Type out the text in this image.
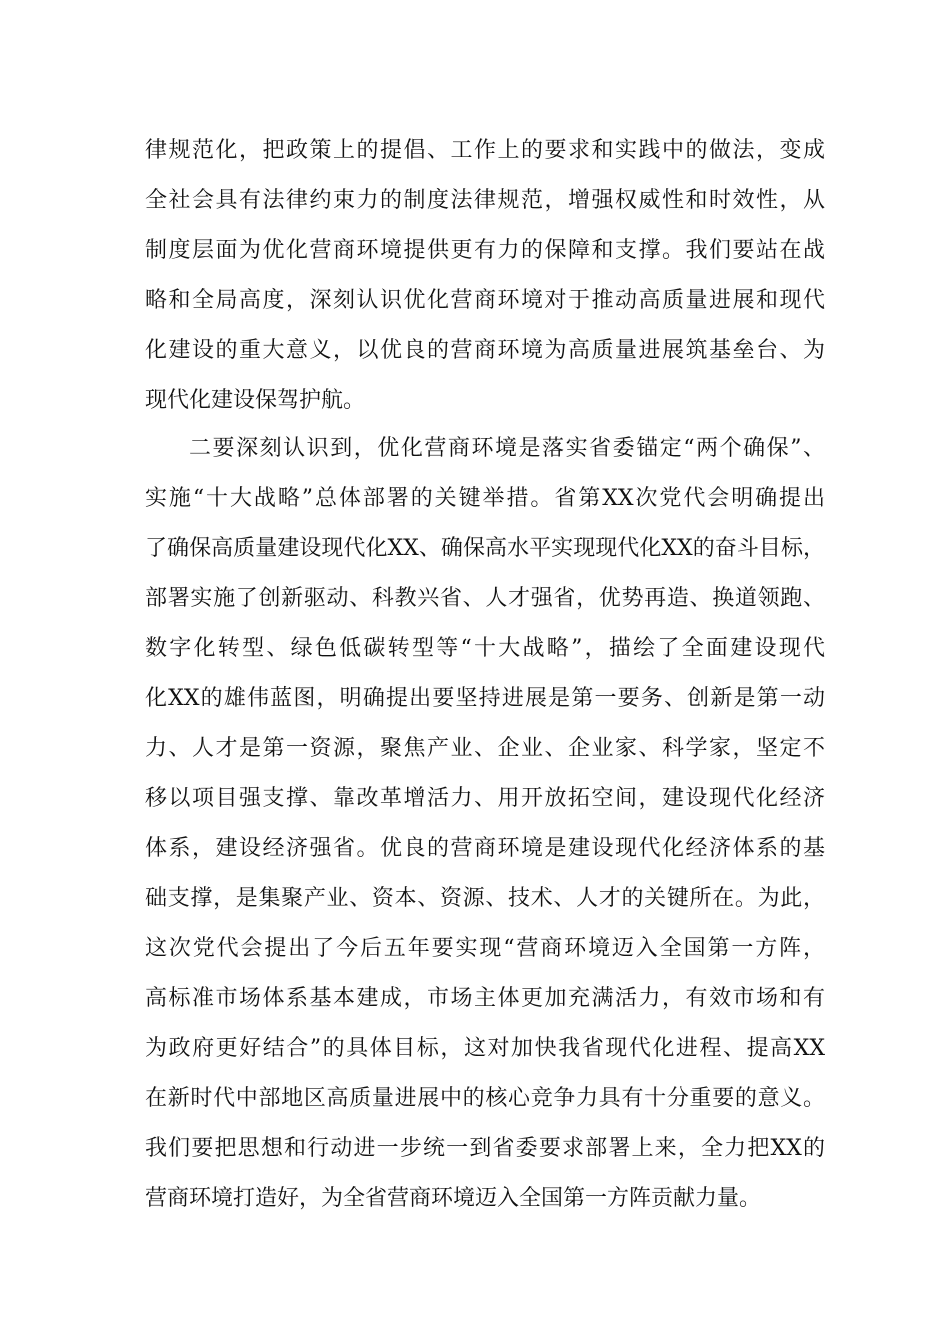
律规范化，把政策上的提倡、工作上的要求和实践中的做法，变成
全社会具有法律约束力的制度法律规范，增强权威性和时效性，从
制度层面为优化营商环境提供更有力的保障和支撑。我们要站在战
略和全局高度，深刻认识优化营商环境对于推动高质量进展和现代
化建设的重大意义，以优良的营商环境为高质量进展筑基垒台、为
现代化建设保驾护航。
二要深刻认识到，优化营商环境是落实省委锚定“两个确保”、
实施“十大战略”总体部署的关键举措。省第XX次党代会明确提出
了确保高质量建设现代化XX、确保高水平实现现代化XX的奋斗目标，
部署实施了创新驱动、科教兴省、人才强省，优势再造、换道领跑、
数字化转型、绿色低碳转型等“十大战略”，描绘了全面建设现代
化XX的雄伟蓝图，明确提出要坚持进展是第一要务、创新是第一动
力、人才是第一资源，聚焦产业、企业、企业家、科学家，坚定不
移以项目强支撑、靠改革增活力、用开放拓空间，建设现代化经济
体系，建设经济强省。优良的营商环境是建设现代化经济体系的基
础支撑，是集聚产业、资本、资源、技术、人才的关键所在。为此，
这次党代会提出了今后五年要实现“营商环境迈入全国第一方阵，
高标准市场体系基本建成，市场主体更加充满活力，有效市场和有
为政府更好结合”的具体目标，这对加快我省现代化进程、提高XX
在新时代中部地区高质量进展中的核心竞争力具有十分重要的意义。
我们要把思想和行动进一步统一到省委要求部署上来，全力把XX的
营商环境打造好，为全省营商环境迈入全国第一方阵贡献力量。
